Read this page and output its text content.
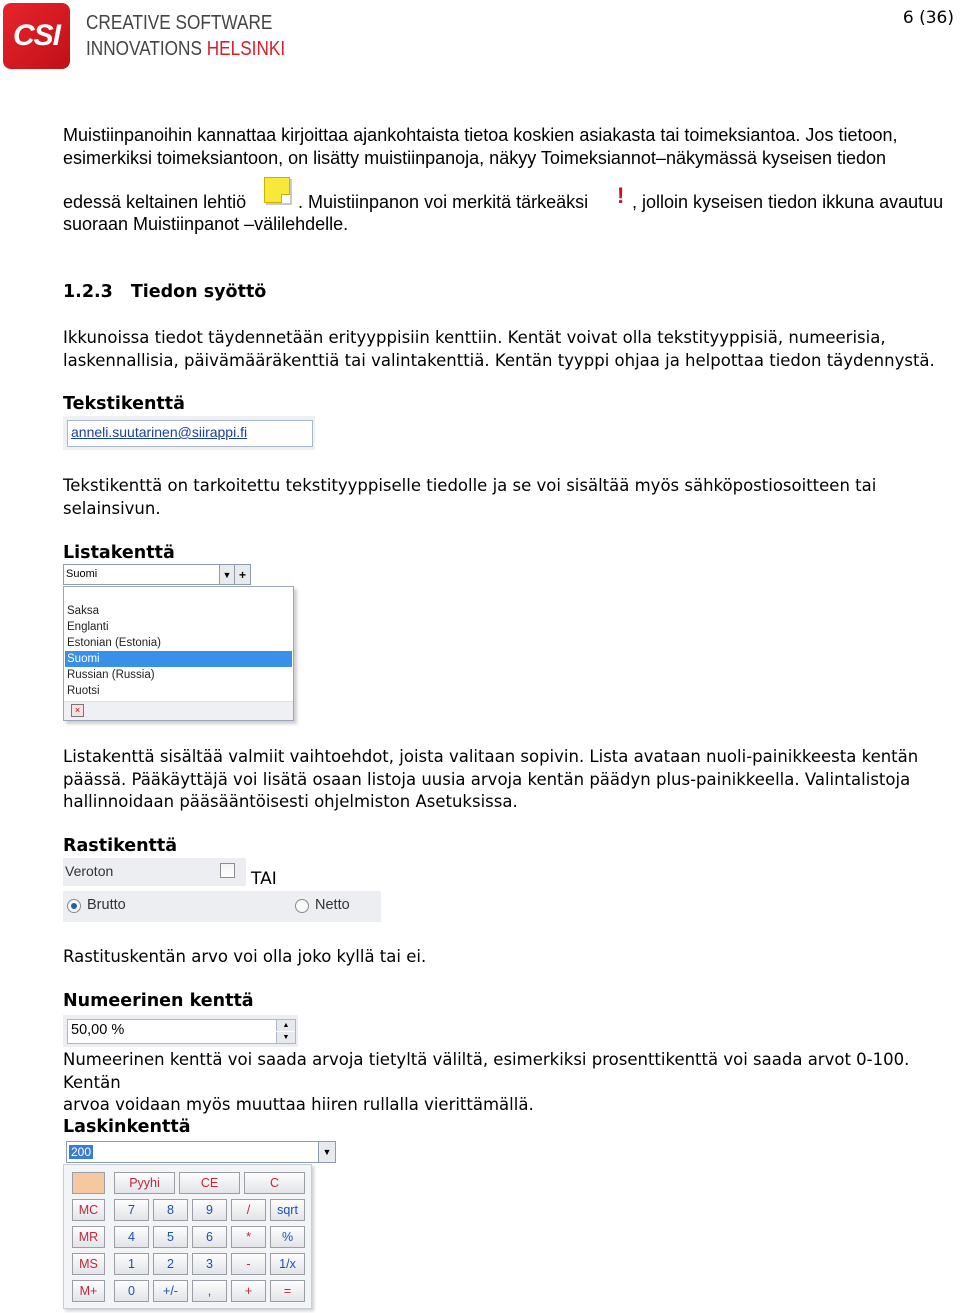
6 (36)
CSI	CREATIVE SOFTWARE
INNOVATIONS HELSINKI
Muistiinpanoihin kannattaa kirjoittaa ajankohtaista tietoa koskien asiakasta tai toimeksiantoa. Jos tietoon,
esimerkiksi toimeksiantoon, on lisätty muistiinpanoja, näkyy Toimeksiannot–näkymässä kyseisen tiedon
edessä keltainen lehtiö	. Muistiinpanon voi merkitä tärkeäksi ! , jolloin kyseisen tiedon ikkuna avautuu
suoraan Muistiinpanot –välilehdelle.
1.2.3 Tiedon syöttö
Ikkunoissa tiedot täydennetään erityyppisiin kenttiin. Kentät voivat olla tekstityyppisiä, numeerisia,
laskennallisia, päivämääräkenttiä tai valintakenttiä. Kentän tyyppi ohjaa ja helpottaa tiedon täydennystä.
Tekstikenttä
anneli.suutarinen@siirappi.fi
Tekstikenttä on tarkoitettu tekstityyppiselle tiedolle ja se voi sisältää myös sähköpostiosoitteen tai
selainsivun.
Listakenttä
Suomi	▼ +
Saksa
Englanti
Estonian (Estonia)
Suomi
Russian (Russia)
Ruotsi
×
Listakenttä sisältää valmiit vaihtoehdot, joista valitaan sopivin. Lista avataan nuoli-painikkeesta kentän
päässä. Pääkäyttäjä voi lisätä osaan listoja uusia arvoja kentän päädyn plus-painikkeella. Valintalistoja
hallinnoidaan pääsääntöisesti ohjelmiston Asetuksissa.
Rastikenttä
Veroton	TAI
Brutto	Netto
Rastituskentän arvo voi olla joko kyllä tai ei.
Numeerinen kenttä
50,00 %	▲
▼
Numeerinen kenttä voi saada arvoja tietyltä väliltä, esimerkiksi prosenttikenttä voi saada arvot 0-100. Kentän
arvoa voidaan myös muuttaa hiiren rullalla vierittämällä.
Laskinkenttä
200	▼
Pyyhi	CE	C
MC	7	8	9	/	sqrt
MR	4	5	6	*	%
MS	1	2	3	-	1/x
M+	0	+/-	,	+	=
